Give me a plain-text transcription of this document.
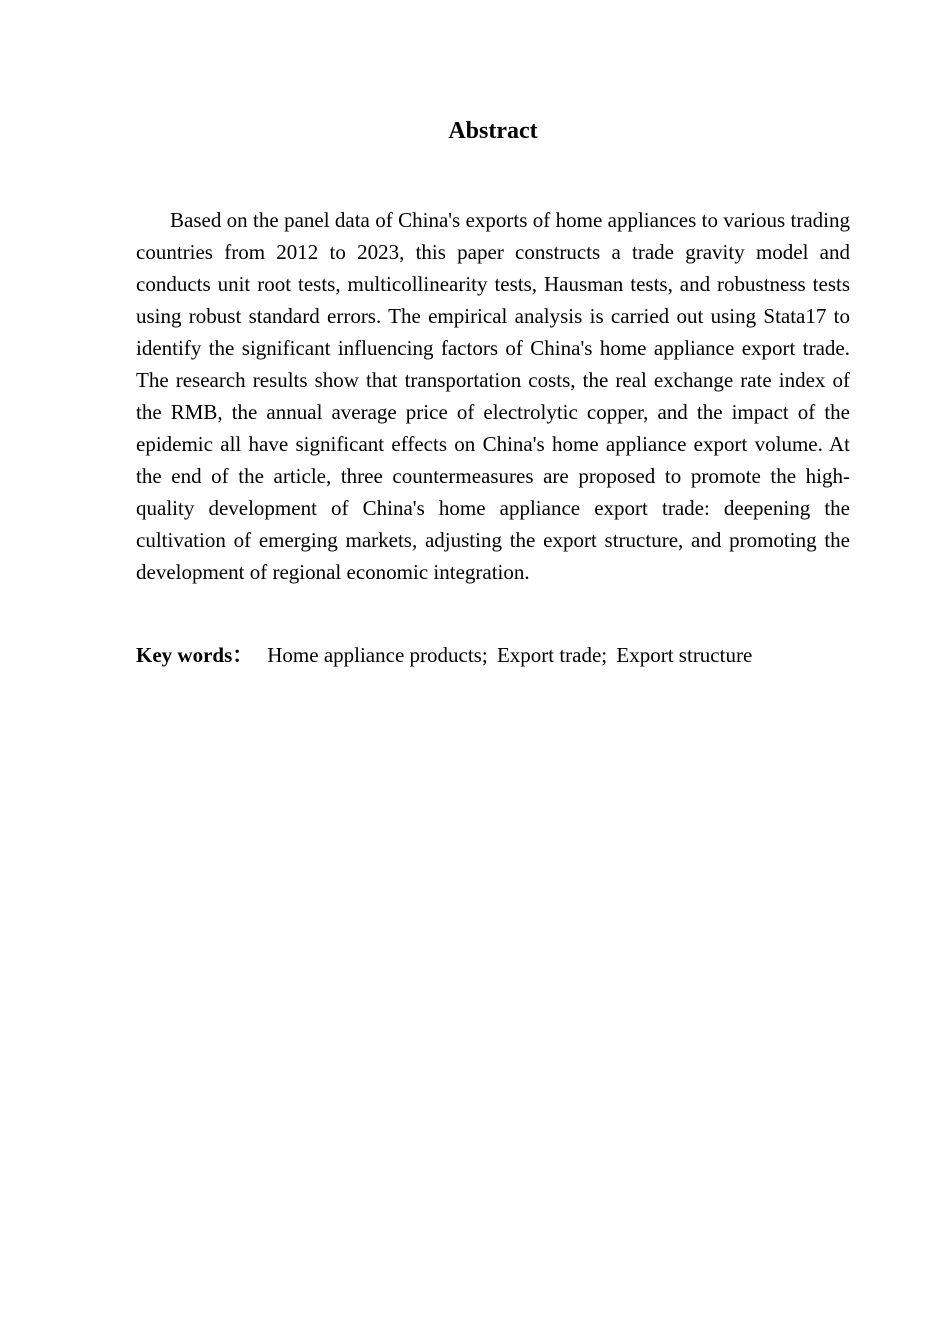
Abstract

Based on the panel data of China's exports of home appliances to various trading countries from 2012 to 2023, this paper constructs a trade gravity model and conducts unit root tests, multicollinearity tests, Hausman tests, and robustness tests using robust standard errors. The empirical analysis is carried out using Stata17 to identify the significant influencing factors of China's home appliance export trade. The research results show that transportation costs, the real exchange rate index of the RMB, the annual average price of electrolytic copper, and the impact of the epidemic all have significant effects on China's home appliance export volume. At the end of the article, three countermeasures are proposed to promote the high-quality development of China's home appliance export trade: deepening the cultivation of emerging markets, adjusting the export structure, and promoting the development of regional economic integration.

Key words： Home appliance products; Export trade; Export structure
